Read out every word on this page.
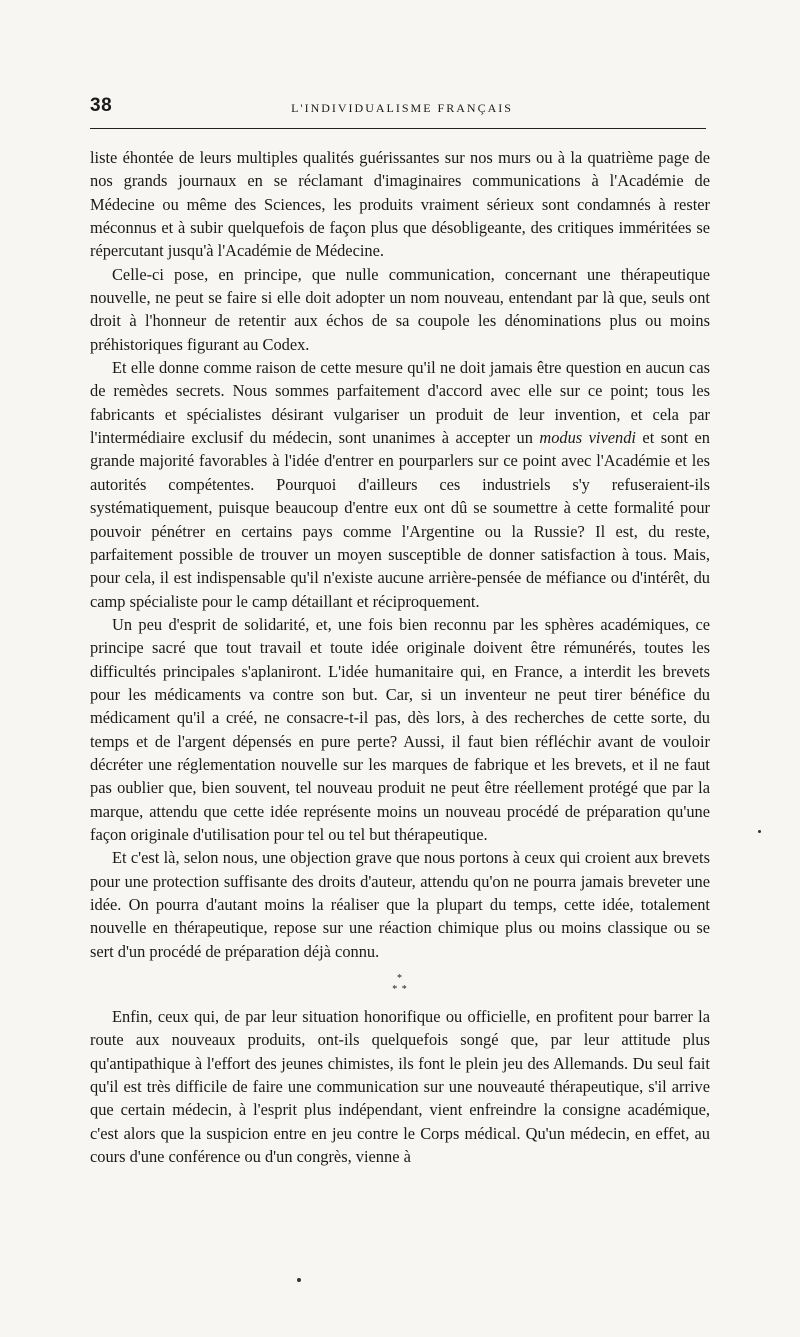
38	L'INDIVIDUALISME FRANÇAIS

liste éhontée de leurs multiples qualités guérissantes sur nos murs ou à la quatrième page de nos grands journaux en se réclamant d'imaginaires communications à l'Académie de Médecine ou même des Sciences, les produits vraiment sérieux sont condamnés à rester méconnus et à subir quelquefois de façon plus que désobligeante, des critiques imméritées se répercutant jusqu'à l'Académie de Médecine.

Celle-ci pose, en principe, que nulle communication, concernant une thérapeutique nouvelle, ne peut se faire si elle doit adopter un nom nouveau, entendant par là que, seuls ont droit à l'honneur de retentir aux échos de sa coupole les dénominations plus ou moins préhistoriques figurant au Codex.

Et elle donne comme raison de cette mesure qu'il ne doit jamais être question en aucun cas de remèdes secrets. Nous sommes parfaitement d'accord avec elle sur ce point; tous les fabricants et spécialistes désirant vulgariser un produit de leur invention, et cela par l'intermédiaire exclusif du médecin, sont unanimes à accepter un modus vivendi et sont en grande majorité favorables à l'idée d'entrer en pourparlers sur ce point avec l'Académie et les autorités compétentes. Pourquoi d'ailleurs ces industriels s'y refuseraient-ils systématiquement, puisque beaucoup d'entre eux ont dû se soumettre à cette formalité pour pouvoir pénétrer en certains pays comme l'Argentine ou la Russie? Il est, du reste, parfaitement possible de trouver un moyen susceptible de donner satisfaction à tous. Mais, pour cela, il est indispensable qu'il n'existe aucune arrière-pensée de méfiance ou d'intérêt, du camp spécialiste pour le camp détaillant et réciproquement.

Un peu d'esprit de solidarité, et, une fois bien reconnu par les sphères académiques, ce principe sacré que tout travail et toute idée originale doivent être rémunérés, toutes les difficultés principales s'aplaniront. L'idée humanitaire qui, en France, a interdit les brevets pour les médicaments va contre son but. Car, si un inventeur ne peut tirer bénéfice du médicament qu'il a créé, ne consacre-t-il pas, dès lors, à des recherches de cette sorte, du temps et de l'argent dépensés en pure perte? Aussi, il faut bien réfléchir avant de vouloir décréter une réglementation nouvelle sur les marques de fabrique et les brevets, et il ne faut pas oublier que, bien souvent, tel nouveau produit ne peut être réellement protégé que par la marque, attendu que cette idée représente moins un nouveau procédé de préparation qu'une façon originale d'utilisation pour tel ou tel but thérapeutique.

Et c'est là, selon nous, une objection grave que nous portons à ceux qui croient aux brevets pour une protection suffisante des droits d'auteur, attendu qu'on ne pourra jamais breveter une idée. On pourra d'autant moins la réaliser que la plupart du temps, cette idée, totalement nouvelle en thérapeutique, repose sur une réaction chimique plus ou moins classique ou se sert d'un procédé de préparation déjà connu.

*
* *

Enfin, ceux qui, de par leur situation honorifique ou officielle, en profitent pour barrer la route aux nouveaux produits, ont-ils quelquefois songé que, par leur attitude plus qu'antipathique à l'effort des jeunes chimistes, ils font le plein jeu des Allemands. Du seul fait qu'il est très difficile de faire une communication sur une nouveauté thérapeutique, s'il arrive que certain médecin, à l'esprit plus indépendant, vient enfreindre la consigne académique, c'est alors que la suspicion entre en jeu contre le Corps médical. Qu'un médecin, en effet, au cours d'une conférence ou d'un congrès, vienne à
